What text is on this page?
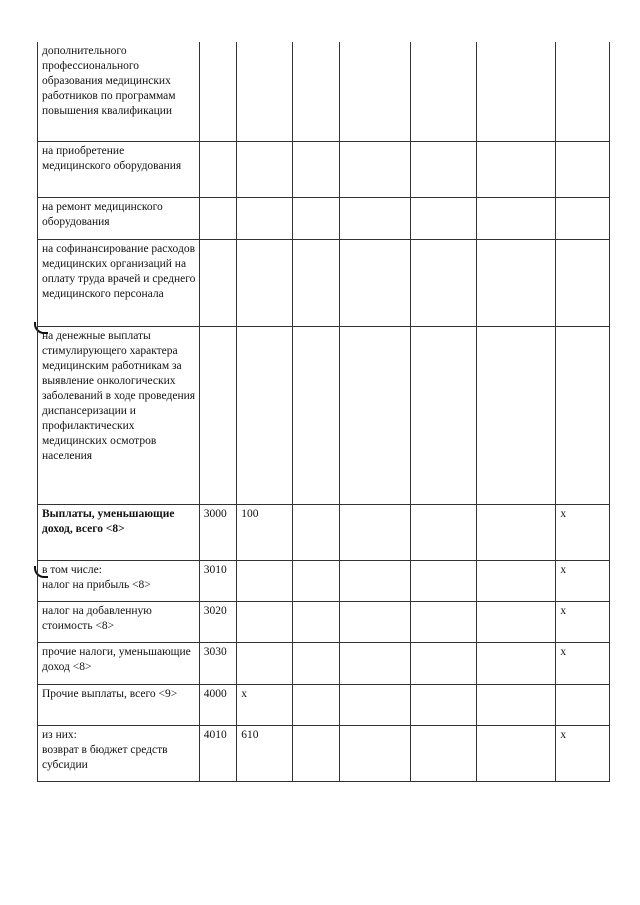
дополнительного профессионального образования медицинских работников по программам повышения квалификации							
на приобретение медицинского оборудования							
на ремонт медицинского оборудования							
на софинансирование расходов медицинских организаций на оплату труда врачей и среднего медицинского персонала							
на денежные выплаты стимулирующего характера медицинским работникам за выявление онкологических заболеваний в ходе проведения диспансеризации и профилактических медицинских осмотров населения							
Выплаты, уменьшающие доход, всего <8>	3000	100					x

в том числе:
налог на прибыль <8>	3010						x
налог на добавленную стоимость <8>	3020						x
прочие налоги, уменьшающие доход <8>	3030						x
Прочие выплаты, всего <9>	4000	x					

из них:
возврат в бюджет средств субсидии	4010	610					x
